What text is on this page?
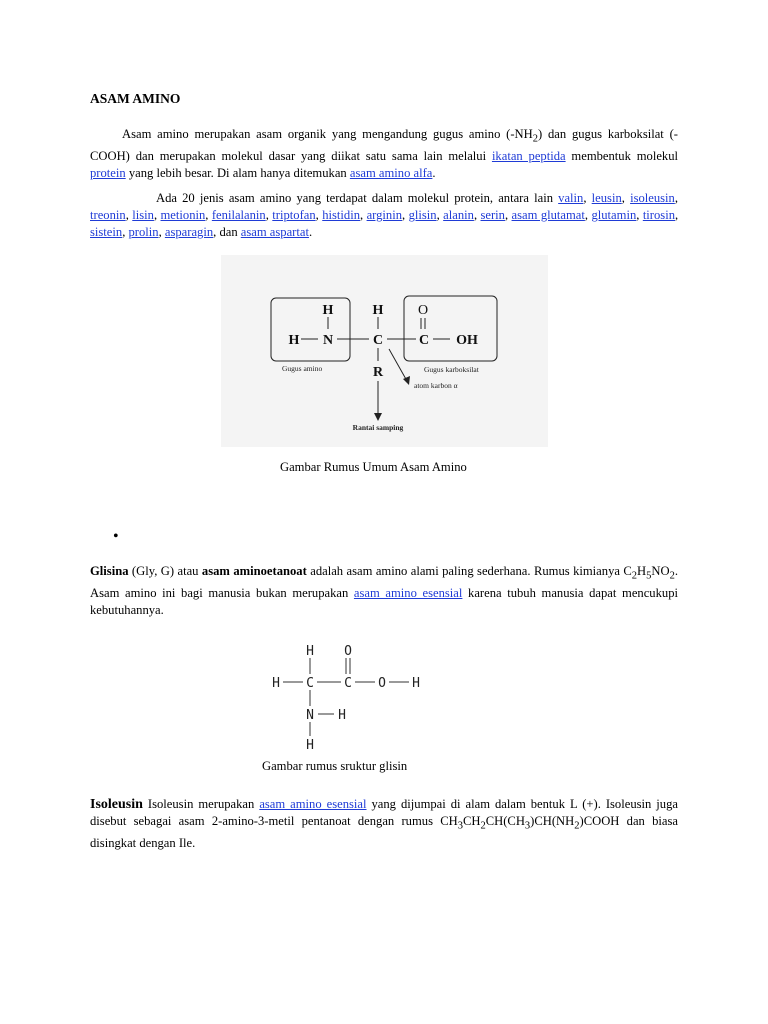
ASAM AMINO

Asam amino merupakan asam organik yang mengandung gugus amino $(-NH_2)$ dan gugus karboksilat (-COOH) dan merupakan molekul dasar yang diikat satu sama lain melalui ikatan peptida membentuk molekul protein yang lebih besar. Di alam hanya ditemukan asam amino alfa.

Ada 20 jenis asam amino yang terdapat dalam molekul protein, antara lain valin, leusin, isoleusin, treonin, lisin, metionin, fenilalanin, triptofan, histidin, arginin, glisin, alanin, serin, asam glutamat, glutamin, tirosin, sistein, prolin, asparagin, dan asam aspartat.

H	H
H N	C	C OH
R
O
Gugus amino	Gugus karboksilat
atom karbon α
Rantai samping

Gambar Rumus Umum Asam Amino

•

Glisina (Gly, G) atau asam aminoetanoat adalah asam amino alami paling sederhana. Rumus kimianya $C_2H_5NO_2$. Asam amino ini bagi manusia bukan merupakan asam amino esensial karena tubuh manusia dapat mencukupi kebutuhannya.

H O
H C C O H
N H
H

Gambar rumus sruktur glisin

Isoleusin Isoleusin merupakan asam amino esensial yang dijumpai di alam dalam bentuk L (+). Isoleusin juga disebut sebagai asam 2-amino-3-metil pentanoat dengan rumus $CH_3CH_2CH(CH_3)CH(NH_2)COOH$ dan biasa disingkat dengan Ile.
